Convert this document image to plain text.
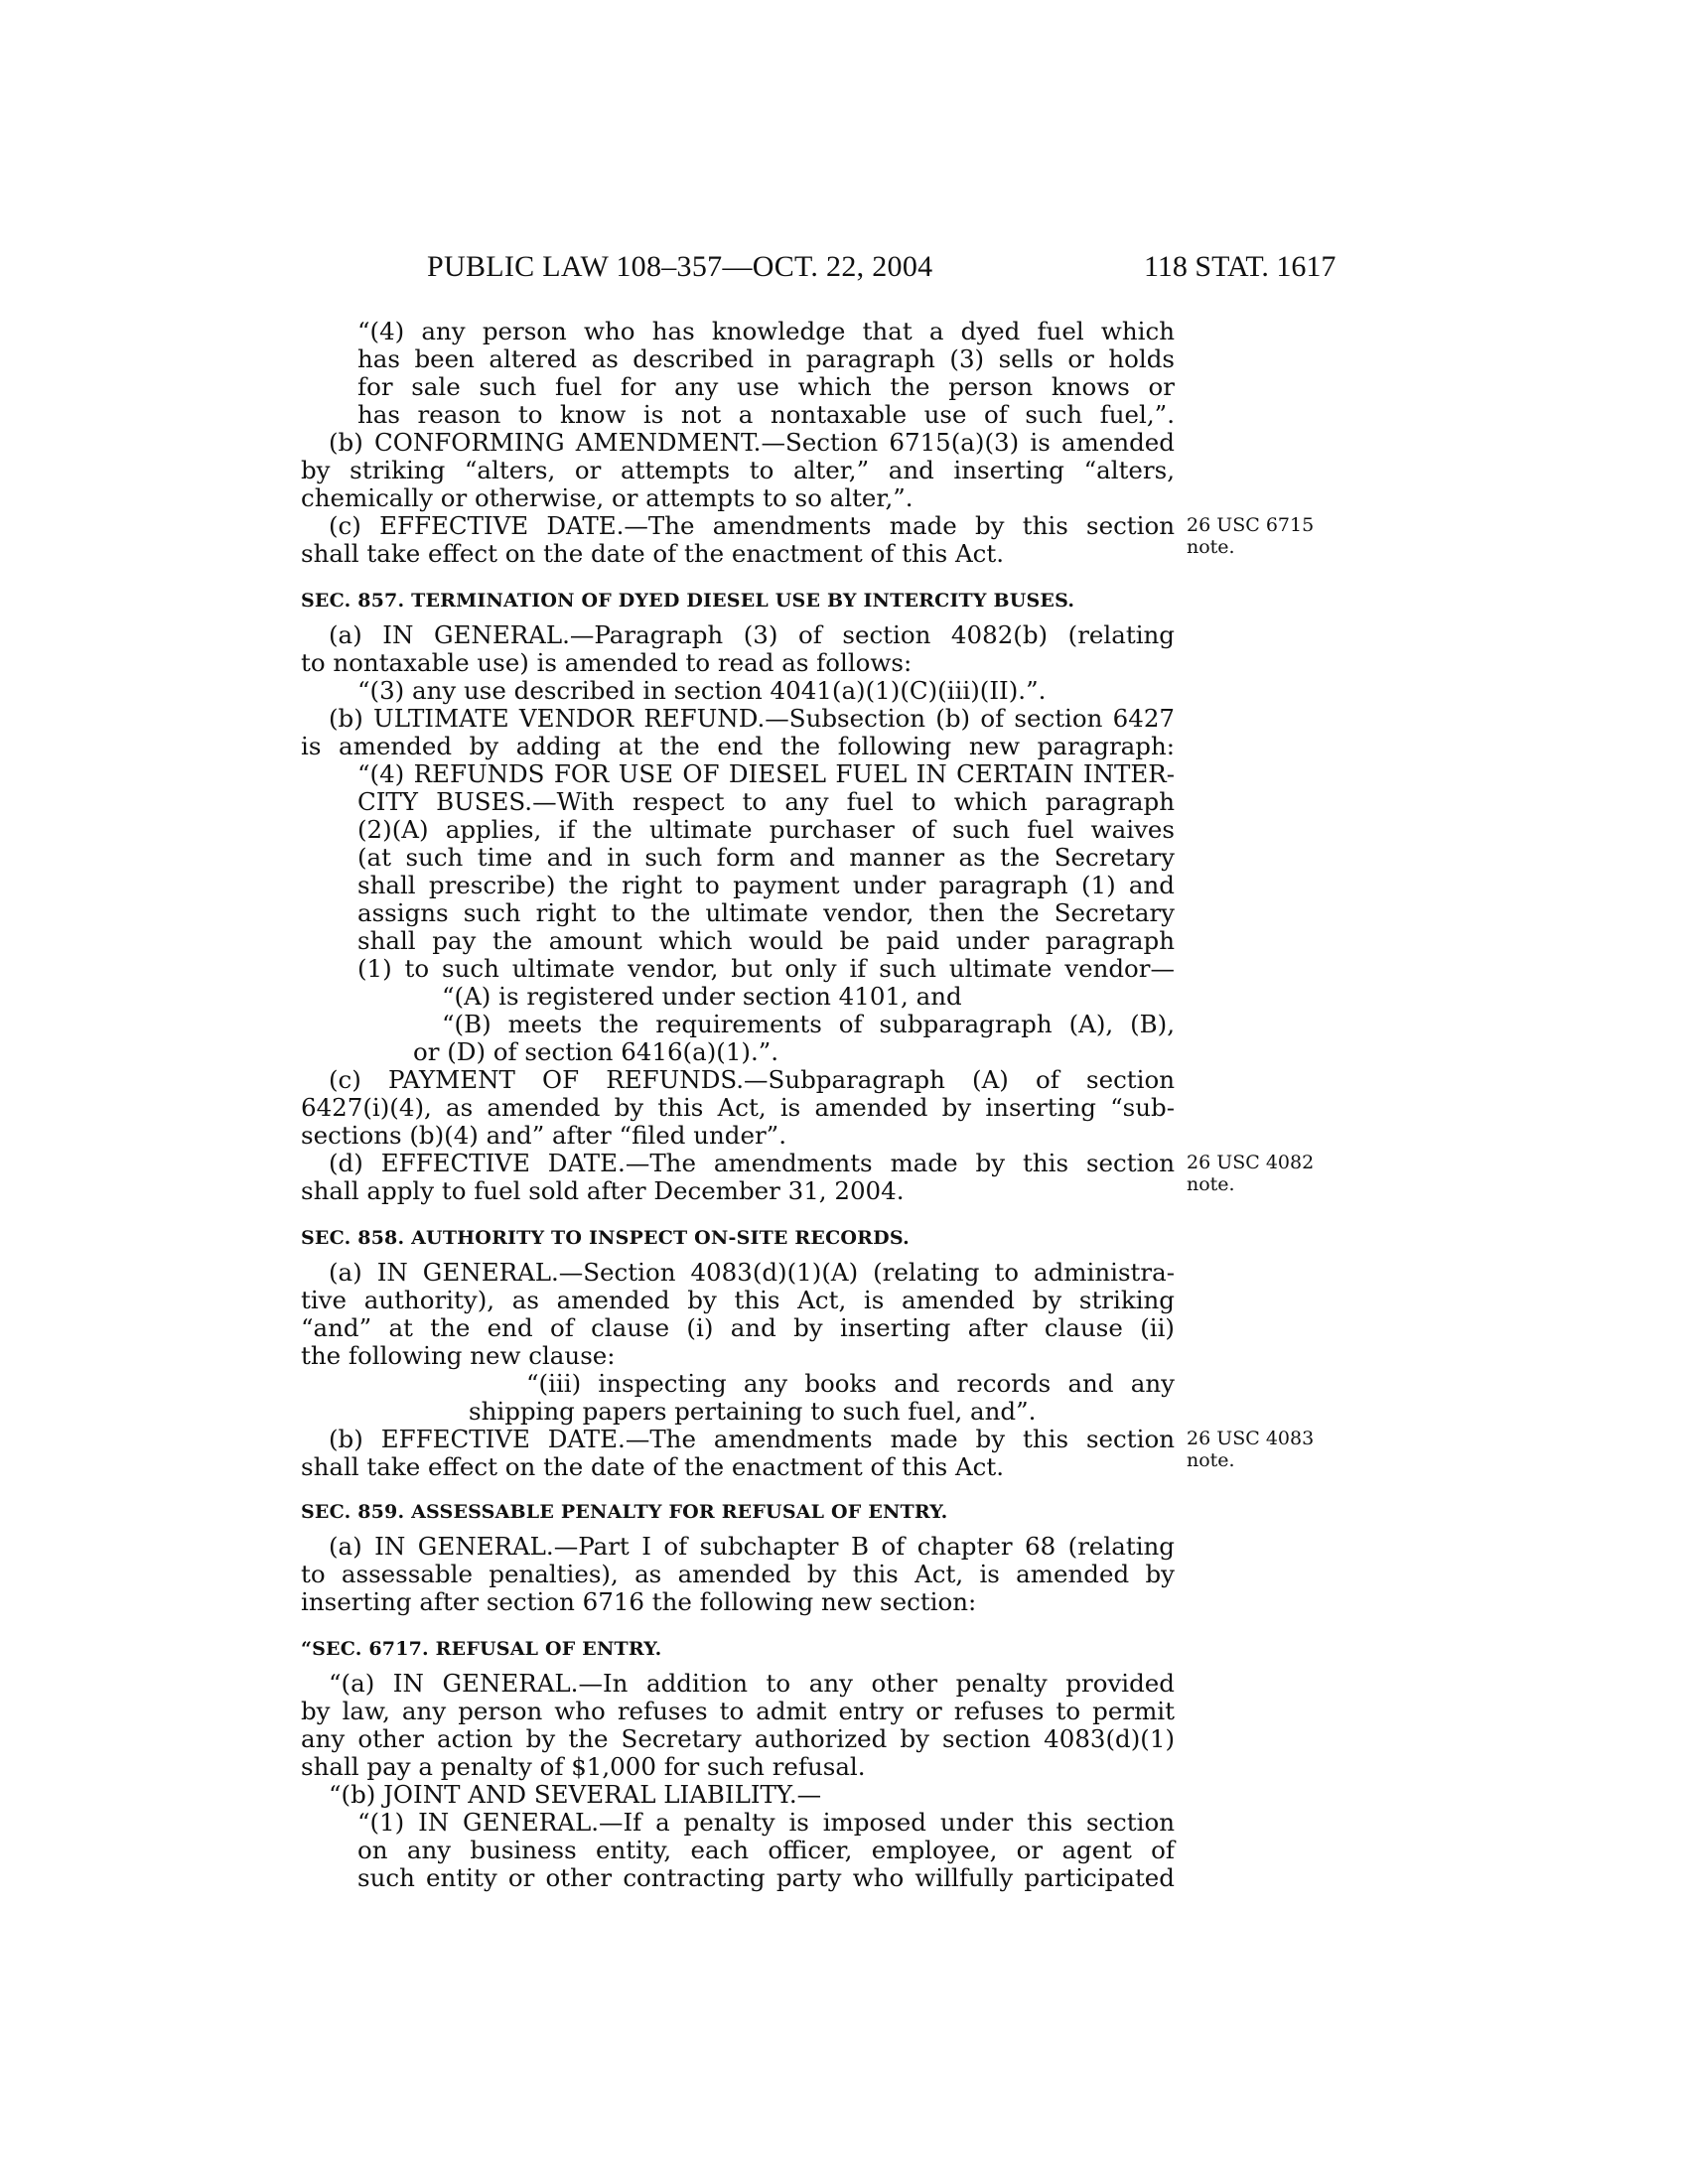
PUBLIC LAW 108–357—OCT. 22, 2004	118 STAT. 1617
“(4) any person who has knowledge that a dyed fuel which
has been altered as described in paragraph (3) sells or holds
for sale such fuel for any use which the person knows or
has reason to know is not a nontaxable use of such fuel,”.
(b) CONFORMING AMENDMENT.—Section 6715(a)(3) is amended
by striking “alters, or attempts to alter,” and inserting “alters,
chemically or otherwise, or attempts to so alter,”.
(c) EFFECTIVE DATE.—The amendments made by this section
shall take effect on the date of the enactment of this Act.
26 USC 6715
note.
SEC. 857. TERMINATION OF DYED DIESEL USE BY INTERCITY BUSES.
(a) IN GENERAL.—Paragraph (3) of section 4082(b) (relating
to nontaxable use) is amended to read as follows:
“(3) any use described in section 4041(a)(1)(C)(iii)(II).”.
(b) ULTIMATE VENDOR REFUND.—Subsection (b) of section 6427
is amended by adding at the end the following new paragraph:
“(4) REFUNDS FOR USE OF DIESEL FUEL IN CERTAIN INTER-
CITY BUSES.—With respect to any fuel to which paragraph
(2)(A) applies, if the ultimate purchaser of such fuel waives
(at such time and in such form and manner as the Secretary
shall prescribe) the right to payment under paragraph (1) and
assigns such right to the ultimate vendor, then the Secretary
shall pay the amount which would be paid under paragraph
(1) to such ultimate vendor, but only if such ultimate vendor—
“(A) is registered under section 4101, and
“(B) meets the requirements of subparagraph (A), (B),
or (D) of section 6416(a)(1).”.
(c) PAYMENT OF REFUNDS.—Subparagraph (A) of section
6427(i)(4), as amended by this Act, is amended by inserting “sub-
sections (b)(4) and” after “filed under”.
(d) EFFECTIVE DATE.—The amendments made by this section
shall apply to fuel sold after December 31, 2004.
26 USC 4082
note.
SEC. 858. AUTHORITY TO INSPECT ON-SITE RECORDS.
(a) IN GENERAL.—Section 4083(d)(1)(A) (relating to administra-
tive authority), as amended by this Act, is amended by striking
“and” at the end of clause (i) and by inserting after clause (ii)
the following new clause:
“(iii) inspecting any books and records and any
shipping papers pertaining to such fuel, and”.
(b) EFFECTIVE DATE.—The amendments made by this section
shall take effect on the date of the enactment of this Act.
26 USC 4083
note.
SEC. 859. ASSESSABLE PENALTY FOR REFUSAL OF ENTRY.
(a) IN GENERAL.—Part I of subchapter B of chapter 68 (relating
to assessable penalties), as amended by this Act, is amended by
inserting after section 6716 the following new section:
“SEC. 6717. REFUSAL OF ENTRY.
“(a) IN GENERAL.—In addition to any other penalty provided
by law, any person who refuses to admit entry or refuses to permit
any other action by the Secretary authorized by section 4083(d)(1)
shall pay a penalty of $1,000 for such refusal.
“(b) JOINT AND SEVERAL LIABILITY.—
“(1) IN GENERAL.—If a penalty is imposed under this section
on any business entity, each officer, employee, or agent of
such entity or other contracting party who willfully participated
